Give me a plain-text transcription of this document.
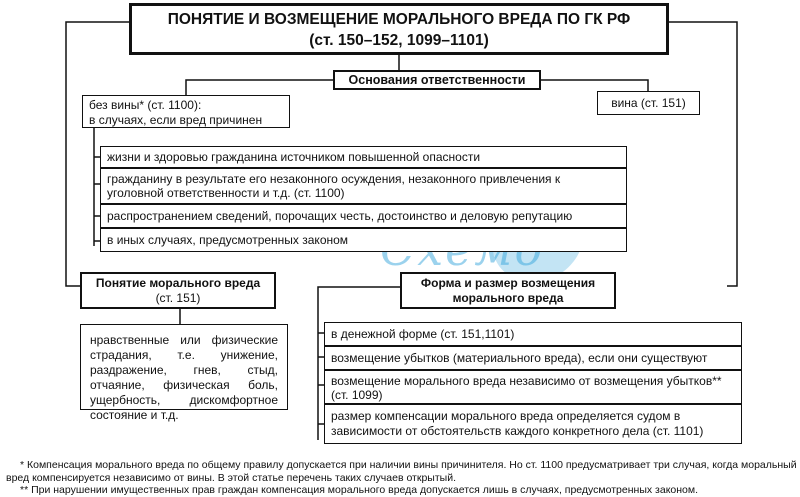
ПОНЯТИЕ И ВОЗМЕЩЕНИЕ МОРАЛЬНОГО ВРЕДА ПО ГК РФ
(ст. 150–152, 1099–1101)
Основания ответственности
без вины* (ст. 1100):
в случаях, если вред причинен
вина (ст. 151)
жизни и здоровью гражданина источником повышенной опасности
гражданину в результате его незаконного осуждения, незаконного привлечения к уголовной ответственности и т.д. (ст. 1100)
распространением сведений, порочащих честь, достоинство и деловую репутацию
в иных случаях, предусмотренных законом
Понятие морального вреда
(ст. 151)
нравственные или физические страдания, т.е. унижение, раздражение, гнев, стыд, отчаяние, физическая боль, ущербность, дискомфортное состояние и т.д.
Форма и размер возмещения
морального вреда
в денежной форме (ст. 151,1101)
возмещение убытков (материального вреда), если они существуют
возмещение морального вреда независимо от возмещения убытков** (ст. 1099)
размер компенсации морального вреда определяется судом в зависимости от обстоятельств каждого конкретного дела (ст. 1101)
* Компенсация морального вреда по общему правилу допускается при наличии вины причинителя. Но ст. 1100 предусматривает три случая, когда моральный вред компенсируется независимо от вины. В этой статье перечень таких случаев открытый.
** При нарушении имущественных прав граждан компенсация морального вреда допускается лишь в случаях, предусмотренных законом.
